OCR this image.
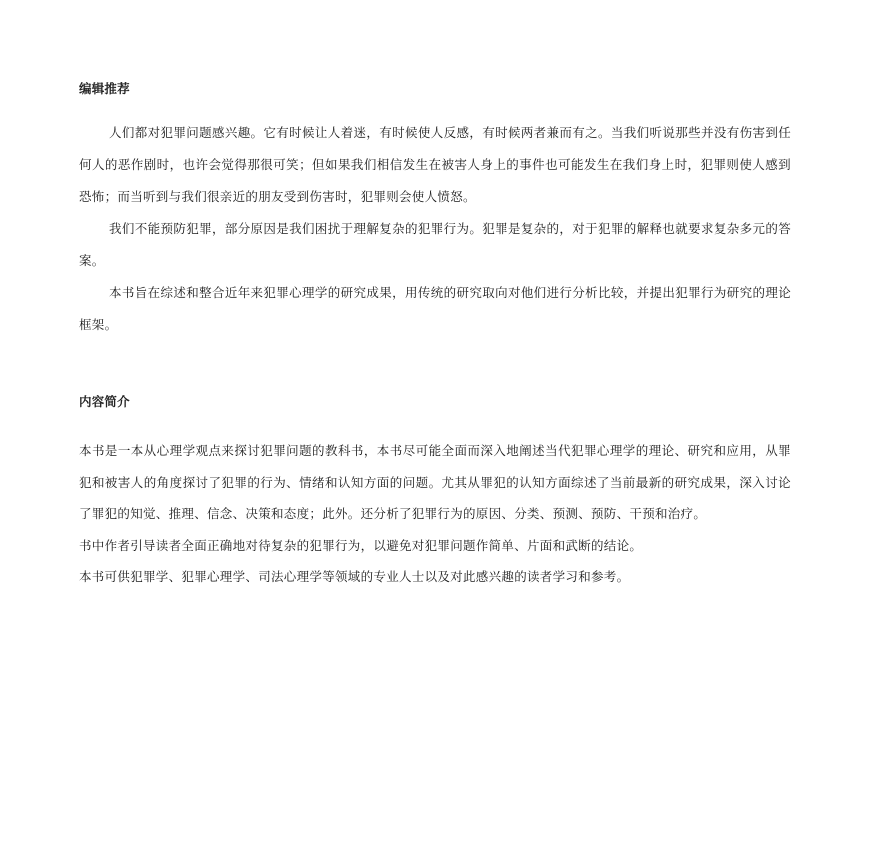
编辑推荐

人们都对犯罪问题感兴趣。它有时候让人着迷，有时候使人反感，有时候两者兼而有之。当我们听说那些并没有伤害到任何人的恶作剧时，也许会觉得那很可笑；但如果我们相信发生在被害人身上的事件也可能发生在我们身上时，犯罪则使人感到恐怖；而当听到与我们很亲近的朋友受到伤害时，犯罪则会使人愤怒。

我们不能预防犯罪，部分原因是我们困扰于理解复杂的犯罪行为。犯罪是复杂的，对于犯罪的解释也就要求复杂多元的答案。

本书旨在综述和整合近年来犯罪心理学的研究成果，用传统的研究取向对他们进行分析比较，并提出犯罪行为研究的理论框架。

内容简介

本书是一本从心理学观点来探讨犯罪问题的教科书，本书尽可能全面而深入地阐述当代犯罪心理学的理论、研究和应用，从罪犯和被害人的角度探讨了犯罪的行为、情绪和认知方面的问题。尤其从罪犯的认知方面综述了当前最新的研究成果，深入讨论了罪犯的知觉、推理、信念、决策和态度；此外。还分析了犯罪行为的原因、分类、预测、预防、干预和治疗。

书中作者引导读者全面正确地对待复杂的犯罪行为，以避免对犯罪问题作简单、片面和武断的结论。

本书可供犯罪学、犯罪心理学、司法心理学等领域的专业人士以及对此感兴趣的读者学习和参考。
